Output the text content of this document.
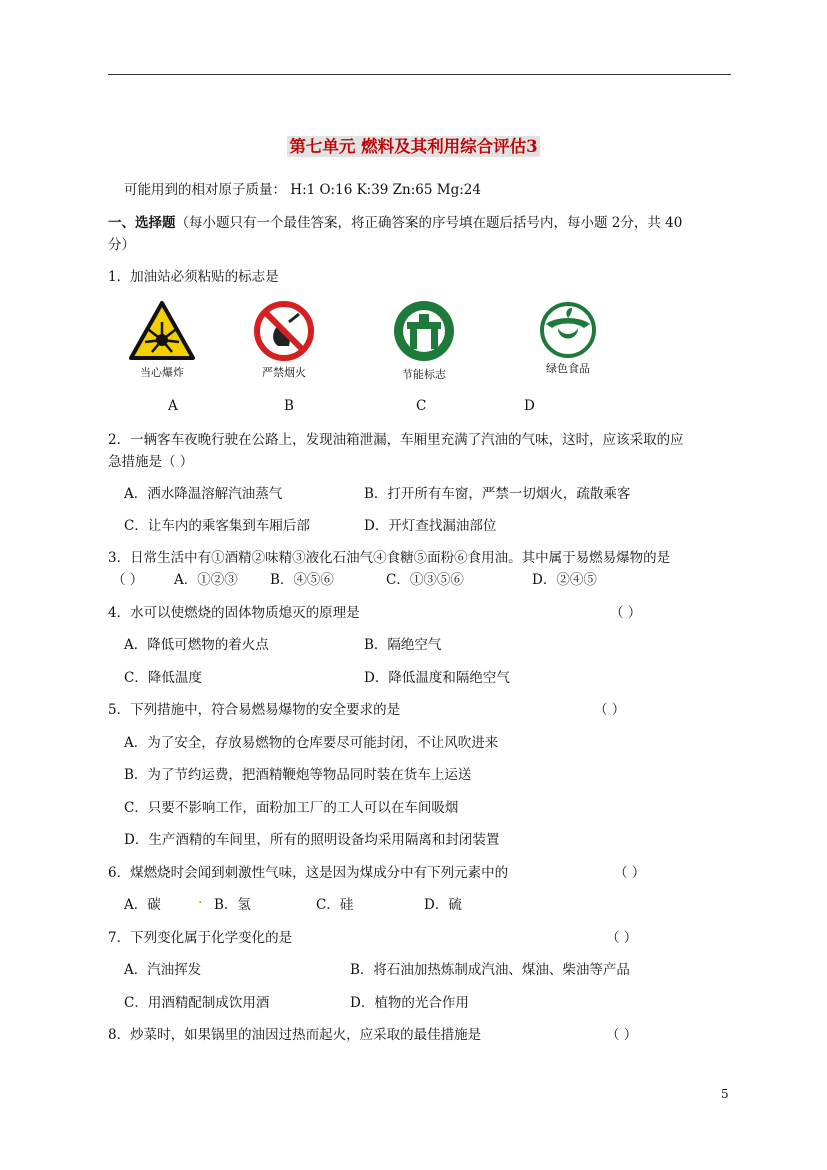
第七单元 燃料及其利用综合评估3
可能用到的相对原子质量： H:1 O:16 K:39 Zn:65 Mg:24
一、选择题（每小题只有一个最佳答案，将正确答案的序号填在题后括号内，每小题 2分，共 40
分）
1．加油站必须粘贴的标志是
当心爆炸	严禁烟火	节能标志	绿色食品
A	B	C	D
2．一辆客车夜晚行驶在公路上，发现油箱泄漏，车厢里充满了汽油的气味，这时，应该采取的应
急措施是（ ）
A．洒水降温溶解汽油蒸气	B．打开所有车窗，严禁一切烟火，疏散乘客
C．让车内的乘客集到车厢后部	D．开灯查找漏油部位
3．日常生活中有①酒精②味精③液化石油气④食糖⑤面粉⑥食用油。其中属于易燃易爆物的是
（ ） A．①②③ B．④⑤⑥	C．①③⑤⑥	D．②④⑤
4．水可以使燃烧的固体物质熄灭的原理是	（ ）
A．降低可燃物的着火点	B．隔绝空气
C．降低温度	D．降低温度和隔绝空气
5．下列措施中，符合易燃易爆物的安全要求的是	（ ）
A．为了安全，存放易燃物的仓库要尽可能封闭，不让风吹进来
B．为了节约运费，把酒精鞭炮等物品同时装在货车上运送
C．只要不影响工作，面粉加工厂的工人可以在车间吸烟
D．生产酒精的车间里，所有的照明设备均采用隔离和封闭装置
6．煤燃烧时会闻到刺激性气味，这是因为煤成分中有下列元素中的	（ ）
A．碳	. B．氢	C．硅	D．硫
7．下列变化属于化学变化的是	（ ）
A．汽油挥发	B．将石油加热炼制成汽油、煤油、柴油等产品
C．用酒精配制成饮用酒	D．植物的光合作用
8．炒菜时，如果锅里的油因过热而起火，应采取的最佳措施是	（ ）
5
